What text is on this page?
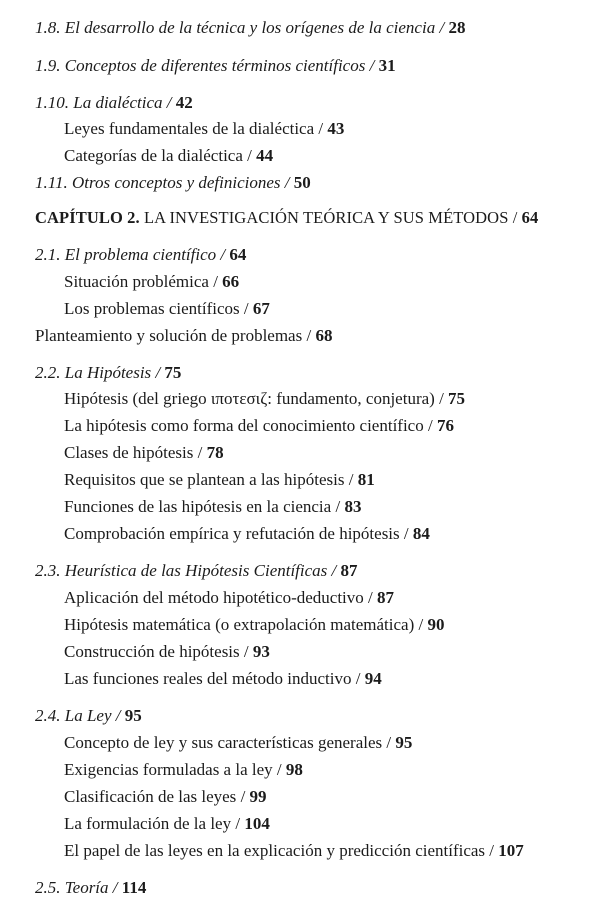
1.8. El desarrollo de la técnica y los orígenes de la ciencia / 28
1.9. Conceptos de diferentes términos científicos / 31
1.10. La dialéctica / 42
Leyes fundamentales de la dialéctica / 43
Categorías de la dialéctica / 44
1.11. Otros conceptos y definiciones / 50
CAPÍTULO 2. LA INVESTIGACIÓN TEÓRICA Y SUS MÉTODOS / 64
2.1. El problema científico / 64
Situación problémica / 66
Los problemas científicos / 67
Planteamiento y solución de problemas / 68
2.2. La Hipótesis / 75
Hipótesis (del griego ιποτεσιζ: fundamento, conjetura) / 75
La hipótesis como forma del conocimiento científico / 76
Clases de hipótesis / 78
Requisitos que se plantean a las hipótesis / 81
Funciones de las hipótesis en la ciencia / 83
Comprobación empírica y refutación de hipótesis / 84
2.3. Heurística de las Hipótesis Científicas / 87
Aplicación del método hipotético-deductivo / 87
Hipótesis matemática (o extrapolación matemática) / 90
Construcción de hipótesis / 93
Las funciones reales del método inductivo / 94
2.4. La Ley / 95
Concepto de ley y sus características generales / 95
Exigencias formuladas a la ley / 98
Clasificación de las leyes / 99
La formulación de la ley / 104
El papel de las leyes en la explicación y predicción científicas / 107
2.5. Teoría / 114
